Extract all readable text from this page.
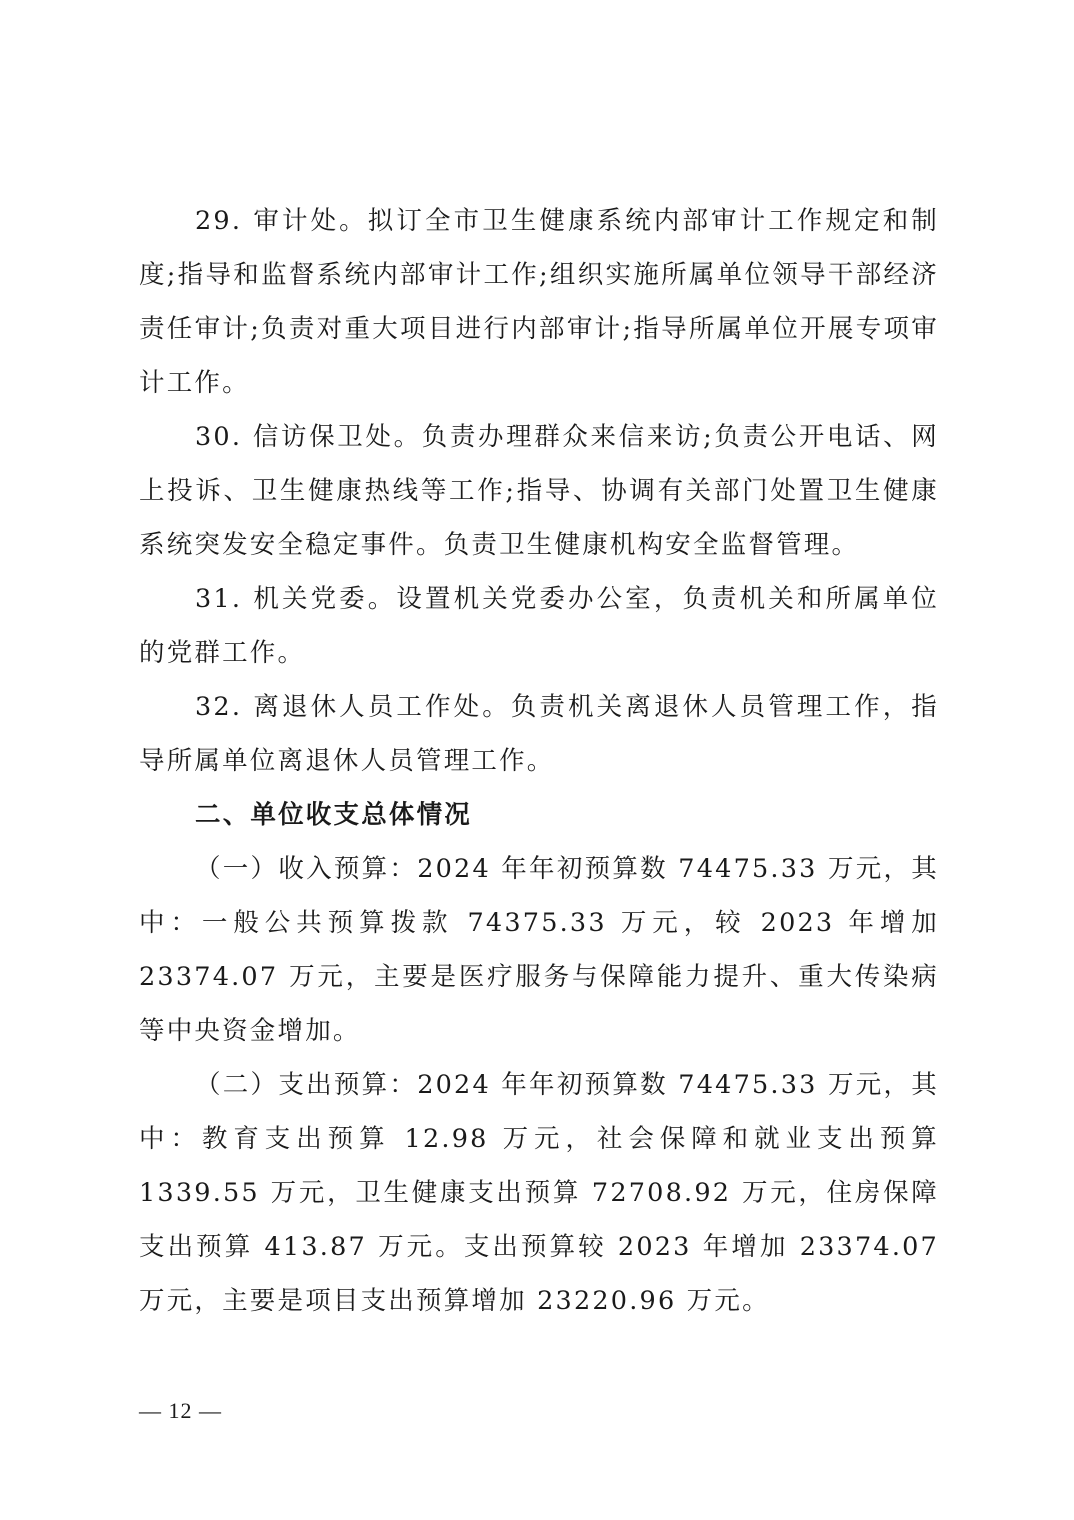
29. 审计处。拟订全市卫生健康系统内部审计工作规定和制度;指导和监督系统内部审计工作;组织实施所属单位领导干部经济责任审计;负责对重大项目进行内部审计;指导所属单位开展专项审计工作。

30. 信访保卫处。负责办理群众来信来访;负责公开电话、网上投诉、卫生健康热线等工作;指导、协调有关部门处置卫生健康系统突发安全稳定事件。负责卫生健康机构安全监督管理。

31. 机关党委。设置机关党委办公室，负责机关和所属单位的党群工作。

32. 离退休人员工作处。负责机关离退休人员管理工作，指导所属单位离退休人员管理工作。

二、单位收支总体情况

（一）收入预算：2024 年年初预算数 74475.33 万元，其中：一般公共预算拨款 74375.33 万元，较 2023 年增加 23374.07 万元，主要是医疗服务与保障能力提升、重大传染病等中央资金增加。

（二）支出预算：2024 年年初预算数 74475.33 万元，其中：教育支出预算 12.98 万元，社会保障和就业支出预算 1339.55 万元，卫生健康支出预算 72708.92 万元，住房保障支出预算 413.87 万元。支出预算较 2023 年增加 23374.07 万元，主要是项目支出预算增加 23220.96 万元。

— 12 —
